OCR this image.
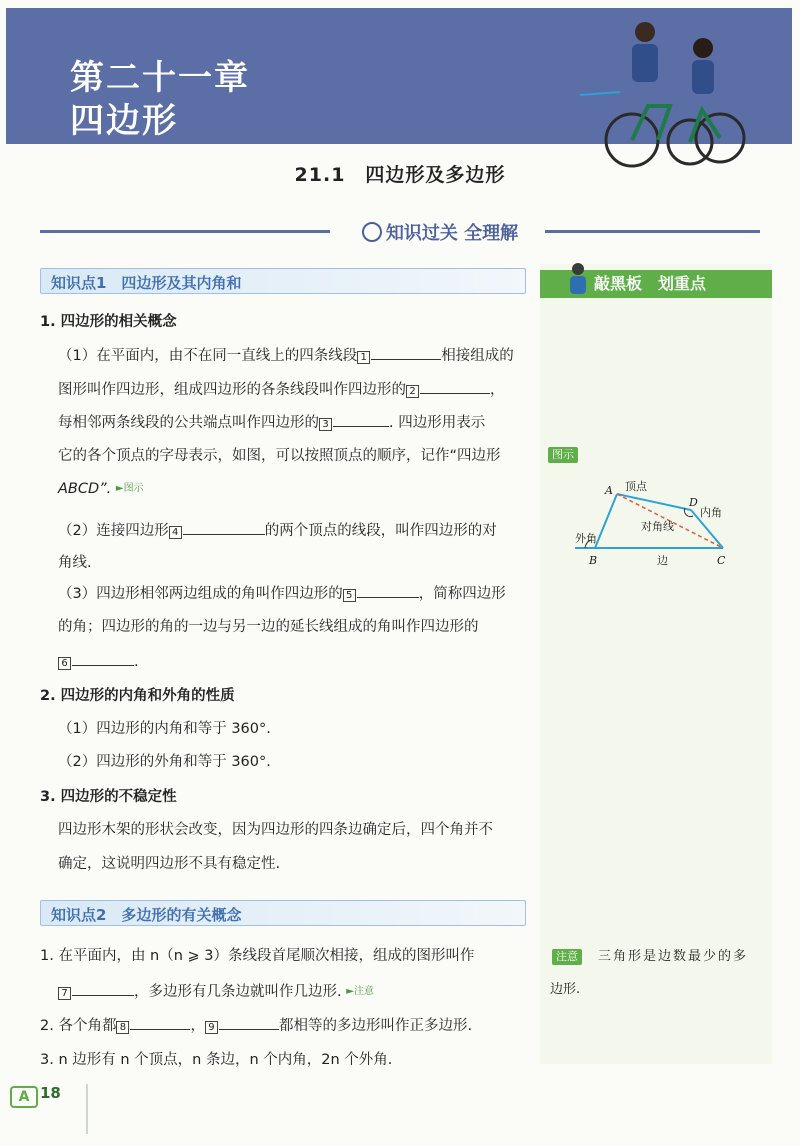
第二十一章
四边形
21.1　四边形及多边形
知识过关 全理解
知识点1　四边形及其内角和	敲黑板　划重点
1. 四边形的相关概念
（1）在平面内，由不在同一直线上的四条线段 1	相接组成的
图形叫作四边形，组成四边形的各条线段叫作四边形的 2	，
每相邻两条线段的公共端点叫作四边形的 3	. 四边形用表示
它的各个顶点的字母表示，如图，可以按照顶点的顺序，记作“四边形
ABCD”. ►图示
（2）连接四边形 4	的两个顶点的线段，叫作四边形的对
角线.
（3）四边形相邻两边组成的角叫作四边形的 5	，简称四边形
的角；四边形的角的一边与另一边的延长线组成的角叫作四边形的
6	.
2. 四边形的内角和外角的性质
（1）四边形的内角和等于 360°.
（2）四边形的外角和等于 360°.
3. 四边形的不稳定性
四边形木架的形状会改变，因为四边形的四条边确定后，四个角并不
确定，这说明四边形不具有稳定性.
知识点2　多边形的有关概念
1. 在平面内，由 n（n ⩾ 3）条线段首尾顺次相接，组成的图形叫作
7	，多边形有几条边就叫作几边形. ►注意
2. 各个角都 8	， 9	都相等的多边形叫作正多边形.
3. n 边形有 n 个顶点，n 条边，n 个内角，2n 个外角.
图示
A
B	C
D
顶点
内角
外角
对角线
边
注意	三角形是边数最少的多
边形.
A 18
